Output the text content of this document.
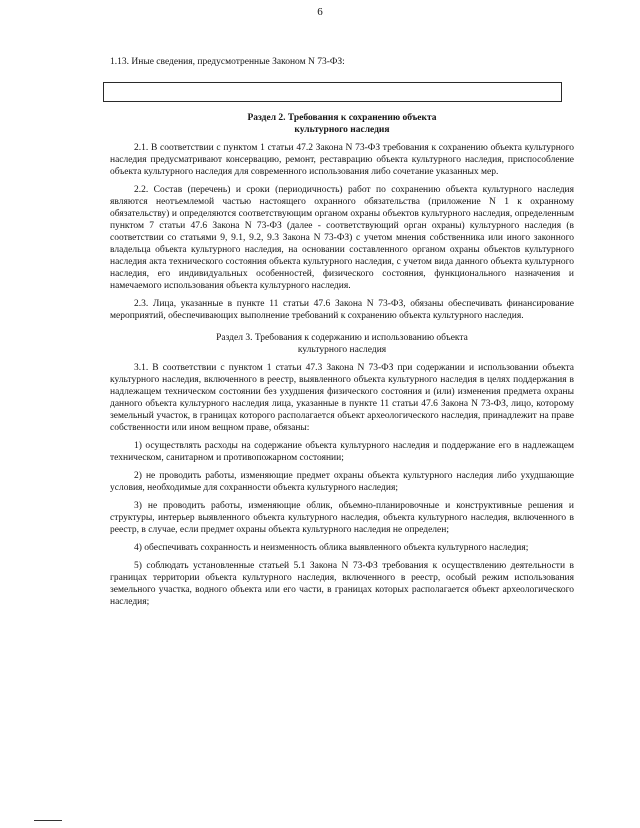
6

1.13. Иные сведения, предусмотренные Законом N 73-ФЗ:

Раздел 2. Требования к сохранению объекта
культурного наследия

2.1. В соответствии с пунктом 1 статьи 47.2 Закона N 73-ФЗ требования к сохранению объекта культурного наследия предусматривают консервацию, ремонт, реставрацию объекта культурного наследия, приспособление объекта культурного наследия для современного использования либо сочетание указанных мер.

2.2. Состав (перечень) и сроки (периодичность) работ по сохранению объекта культурного наследия являются неотъемлемой частью настоящего охранного обязательства (приложение N 1 к охранному обязательству) и определяются соответствующим органом охраны объектов культурного наследия, определенным пунктом 7 статьи 47.6 Закона N 73-ФЗ (далее - соответствующий орган охраны) культурного наследия (в соответствии со статьями 9, 9.1, 9.2, 9.3 Закона N 73-ФЗ) с учетом мнения собственника или иного законного владельца объекта культурного наследия, на основании составленного органом охраны объектов культурного наследия акта технического состояния объекта культурного наследия, с учетом вида данного объекта культурного наследия, его индивидуальных особенностей, физического состояния, функционального назначения и намечаемого использования объекта культурного наследия.

2.3. Лица, указанные в пункте 11 статьи 47.6 Закона N 73-ФЗ, обязаны обеспечивать финансирование мероприятий, обеспечивающих выполнение требований к сохранению объекта культурного наследия.

Раздел 3. Требования к содержанию и использованию объекта
культурного наследия

3.1. В соответствии с пунктом 1 статьи 47.3 Закона N 73-ФЗ при содержании и использовании объекта культурного наследия, включенного в реестр, выявленного объекта культурного наследия в целях поддержания в надлежащем техническом состоянии без ухудшения физического состояния и (или) изменения предмета охраны данного объекта культурного наследия лица, указанные в пункте 11 статьи 47.6 Закона N 73-ФЗ, лицо, которому земельный участок, в границах которого располагается объект археологического наследия, принадлежит на праве собственности или ином вещном праве, обязаны:

1) осуществлять расходы на содержание объекта культурного наследия и поддержание его в надлежащем техническом, санитарном и противопожарном состоянии;

2) не проводить работы, изменяющие предмет охраны объекта культурного наследия либо ухудшающие условия, необходимые для сохранности объекта культурного наследия;

3) не проводить работы, изменяющие облик, объемно-планировочные и конструктивные решения и структуры, интерьер выявленного объекта культурного наследия, объекта культурного наследия, включенного в реестр, в случае, если предмет охраны объекта культурного наследия не определен;

4) обеспечивать сохранность и неизменность облика выявленного объекта культурного наследия;

5) соблюдать установленные статьей 5.1 Закона N 73-ФЗ требования к осуществлению деятельности в границах территории объекта культурного наследия, включенного в реестр, особый режим использования земельного участка, водного объекта или его части, в границах которых располагается объект археологического наследия;
